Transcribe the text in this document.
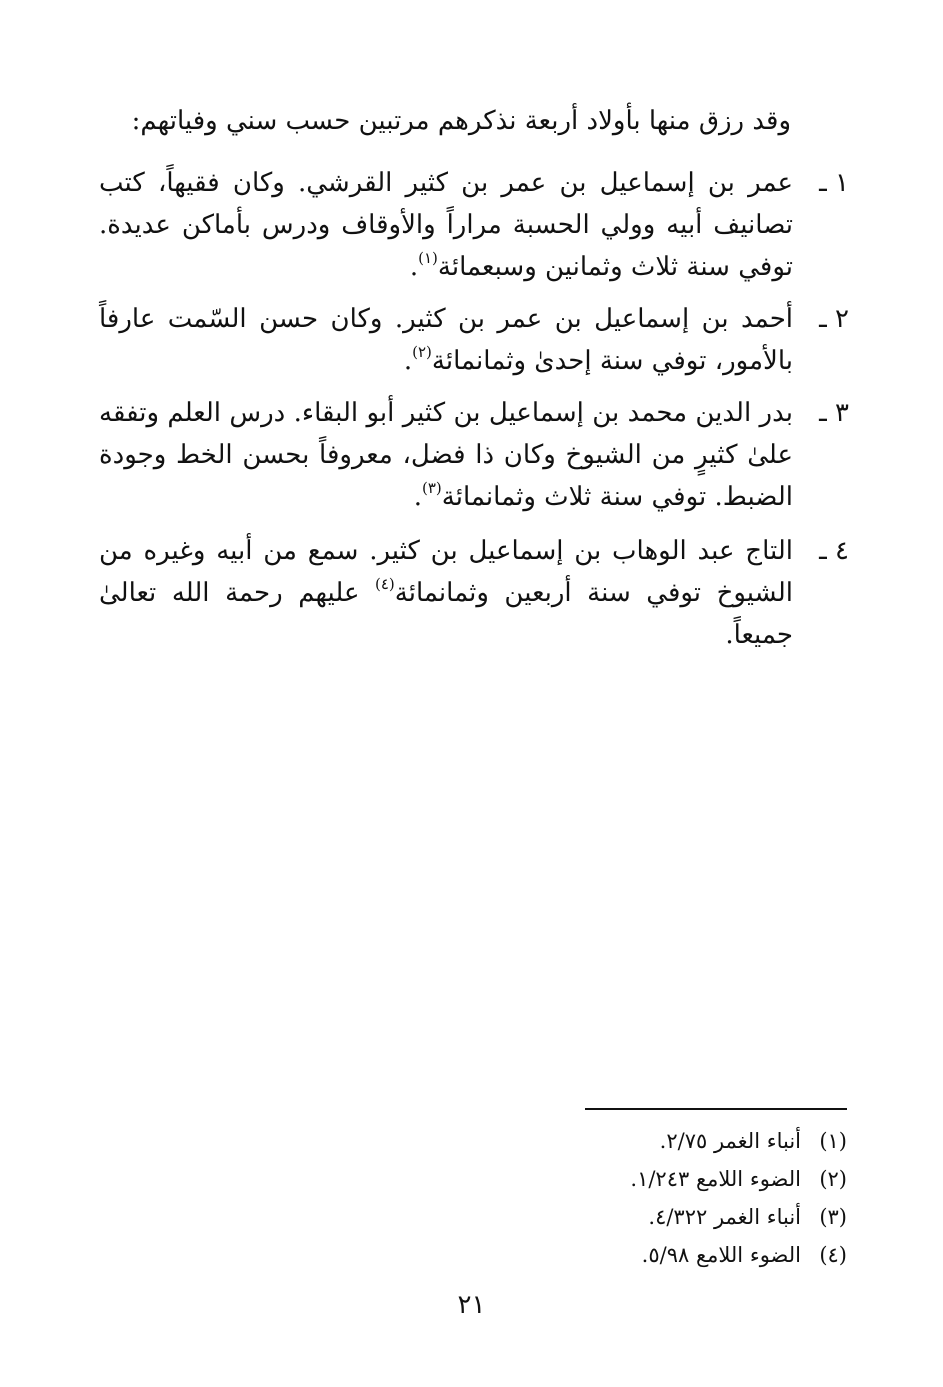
وقد رزق منها بأولاد أربعة نذكرهم مرتبين حسب سني وفياتهم:
١ ـ
عمر بن إسماعيل بن عمر بن كثير القرشي. وكان فقيهاً، كتب تصانيف أبيه وولي الحسبة مراراً والأوقاف ودرس بأماكن عديدة. توفي سنة ثلاث وثمانين وسبعمائة$^{(١)}$.
٢ ـ
أحمد بن إسماعيل بن عمر بن كثير. وكان حسن السّمت عارفاً بالأمور، توفي سنة إحدىٰ وثمانمائة$^{(٢)}$.
٣ ـ
بدر الدين محمد بن إسماعيل بن كثير أبو البقاء. درس العلم وتفقه علىٰ كثيرٍ من الشيوخ وكان ذا فضل، معروفاً بحسن الخط وجودة الضبط. توفي سنة ثلاث وثمانمائة$^{(٣)}$.
٤ ـ
التاج عبد الوهاب بن إسماعيل بن كثير. سمع من أبيه وغيره من الشيوخ توفي سنة أربعين وثمانمائة$^{(٤)}$ عليهم رحمة الله تعالىٰ جميعاً.
(١)
أنباء الغمر ٢/٧٥.
(٢)
الضوء اللامع ١/٢٤٣.
(٣)
أنباء الغمر ٤/٣٢٢.
(٤)
الضوء اللامع ٥/٩٨.
٢١
